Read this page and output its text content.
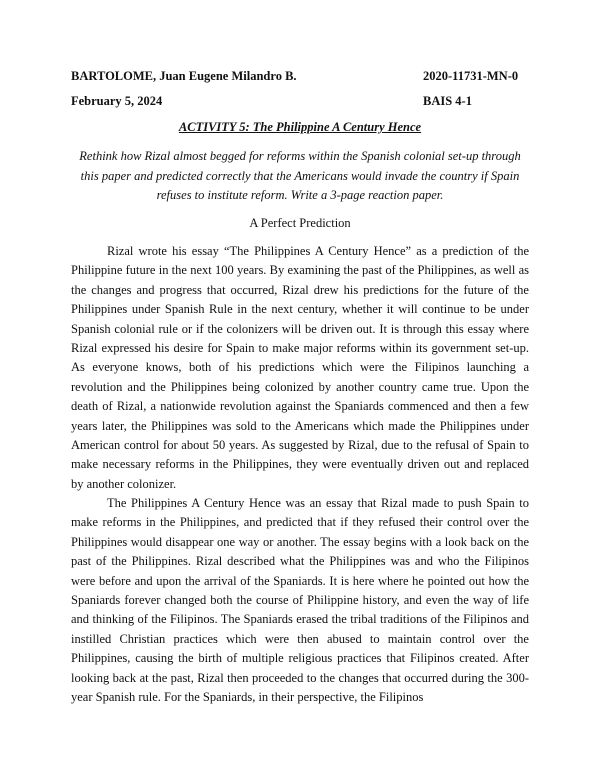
BARTOLOME, Juan Eugene Milandro B.	2020-11731-MN-0
February 5, 2024	BAIS 4-1
ACTIVITY 5: The Philippine A Century Hence
Rethink how Rizal almost begged for reforms within the Spanish colonial set-up through this paper and predicted correctly that the Americans would invade the country if Spain refuses to institute reform. Write a 3-page reaction paper.
A Perfect Prediction

Rizal wrote his essay “The Philippines A Century Hence” as a prediction of the Philippine future in the next 100 years. By examining the past of the Philippines, as well as the changes and progress that occurred, Rizal drew his predictions for the future of the Philippines under Spanish Rule in the next century, whether it will continue to be under Spanish colonial rule or if the colonizers will be driven out. It is through this essay where Rizal expressed his desire for Spain to make major reforms within its government set-up. As everyone knows, both of his predictions which were the Filipinos launching a revolution and the Philippines being colonized by another country came true. Upon the death of Rizal, a nationwide revolution against the Spaniards commenced and then a few years later, the Philippines was sold to the Americans which made the Philippines under American control for about 50 years. As suggested by Rizal, due to the refusal of Spain to make necessary reforms in the Philippines, they were eventually driven out and replaced by another colonizer.

The Philippines A Century Hence was an essay that Rizal made to push Spain to make reforms in the Philippines, and predicted that if they refused their control over the Philippines would disappear one way or another. The essay begins with a look back on the past of the Philippines. Rizal described what the Philippines was and who the Filipinos were before and upon the arrival of the Spaniards. It is here where he pointed out how the Spaniards forever changed both the course of Philippine history, and even the way of life and thinking of the Filipinos. The Spaniards erased the tribal traditions of the Filipinos and instilled Christian practices which were then abused to maintain control over the Philippines, causing the birth of multiple religious practices that Filipinos created. After looking back at the past, Rizal then proceeded to the changes that occurred during the 300-year Spanish rule. For the Spaniards, in their perspective, the Filipinos
